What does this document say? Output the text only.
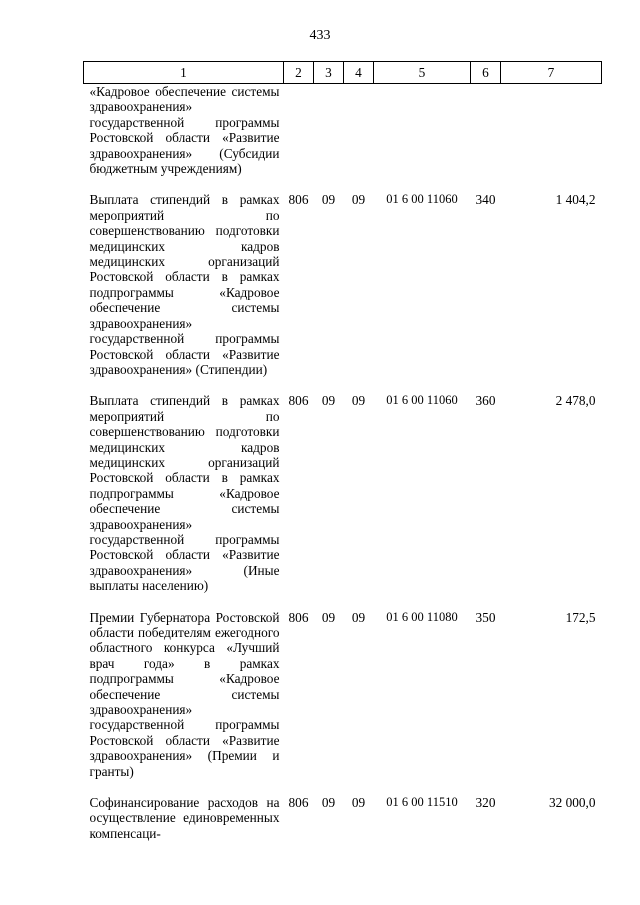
433
1	2	3	4	5	6	7
«Кадровое обеспечение системы здравоохранения» государственной программы Ростовской области «Развитие здравоохранения» (Субсидии бюджетным учреждениям)						
Выплата стипендий в рамках мероприятий по совершенствованию подготовки медицинских кадров медицинских организаций Ростовской области в рамках подпрограммы «Кадровое обеспечение системы здравоохранения» государственной программы Ростовской области «Развитие здравоохранения» (Стипендии)	806	09	09	01 6 00 11060	340	1 404,2
Выплата стипендий в рамках мероприятий по совершенствованию подготовки медицинских кадров медицинских организаций Ростовской области в рамках подпрограммы «Кадровое обеспечение системы здравоохранения» государственной программы Ростовской области «Развитие здравоохранения» (Иные выплаты населению)	806	09	09	01 6 00 11060	360	2 478,0
Премии Губернатора Ростовской области победителям ежегодного областного конкурса «Лучший врач года» в рамках подпрограммы «Кадровое обеспечение системы здравоохранения» государственной программы Ростовской области «Развитие здравоохранения» (Премии и гранты)	806	09	09	01 6 00 11080	350	172,5
Софинансирование расходов на осуществление единовременных компенсаци-	806	09	09	01 6 00 11510	320	32 000,0
